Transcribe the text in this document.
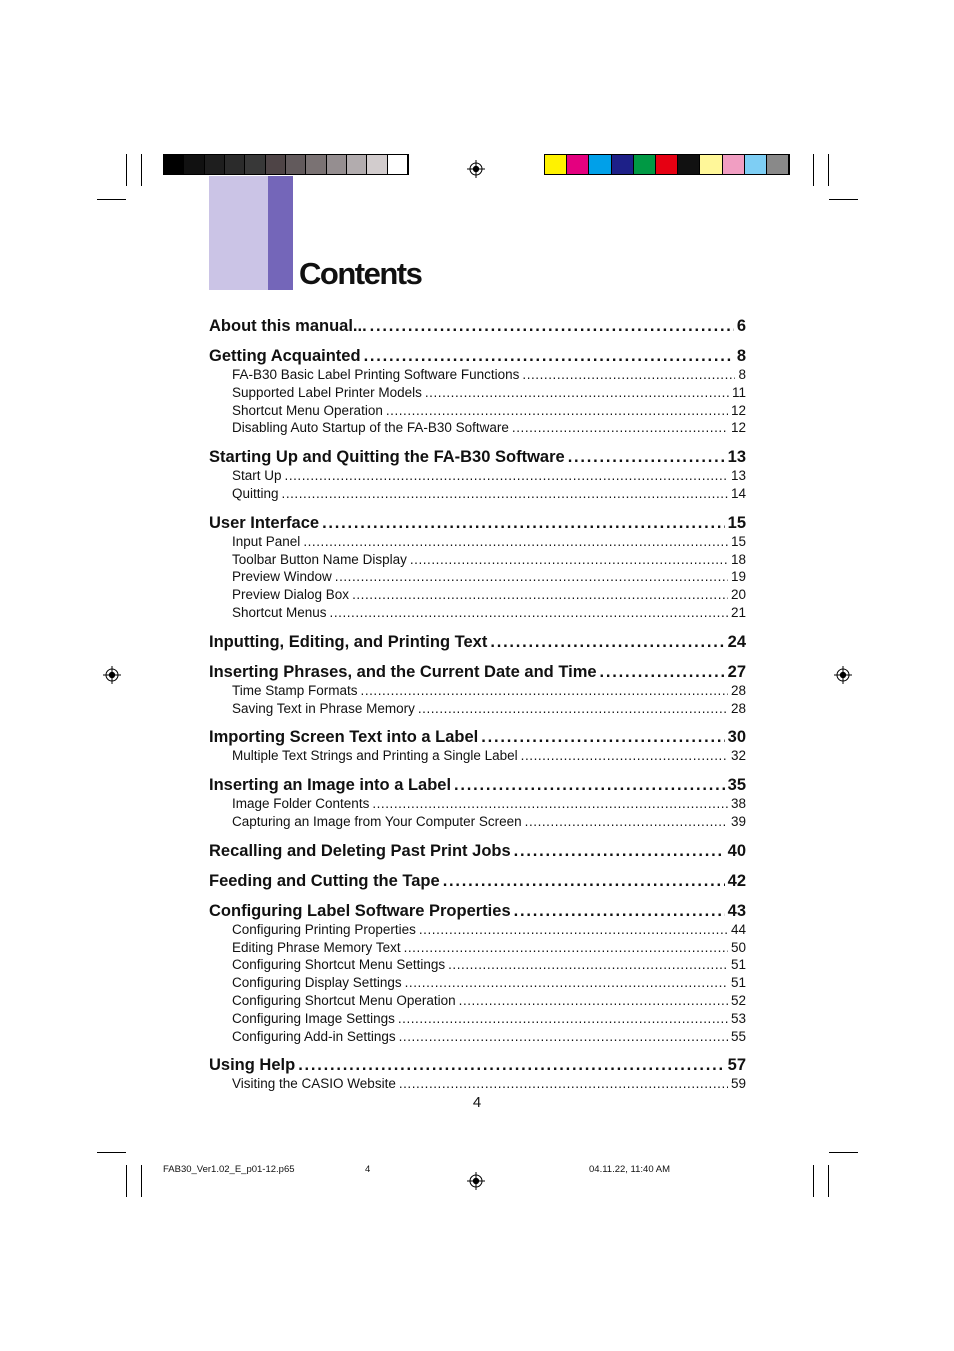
Contents
About this manual... . . .	6
Getting Acquainted . . .	8
FA-B30 Basic Label Printing Software Functions . . .	8
Supported Label Printer Models . . .	11
Shortcut Menu Operation . . .	12
Disabling Auto Startup of the FA-B30 Software . . .	12
Starting Up and Quitting the FA-B30 Software . . .	13
Start Up . . .	13
Quitting . . .	14
User Interface . . .	15
Input Panel . . .	15
Toolbar Button Name Display . . .	18
Preview Window . . .	19
Preview Dialog Box . . .	20
Shortcut Menus . . .	21
Inputting, Editing, and Printing Text . . .	24
Inserting Phrases, and the Current Date and Time . . .	27
Time Stamp Formats . . .	28
Saving Text in Phrase Memory . . .	28
Importing Screen Text into a Label . . .	30
Multiple Text Strings and Printing a Single Label . . .	32
Inserting an Image into a Label . . .	35
Image Folder Contents . . .	38
Capturing an Image from Your Computer Screen . . .	39
Recalling and Deleting Past Print Jobs . . .	40
Feeding and Cutting the Tape . . .	42
Configuring Label Software Properties . . .	43
Configuring Printing Properties . . .	44
Editing Phrase Memory Text . . .	50
Configuring Shortcut Menu Settings . . .	51
Configuring Display Settings . . .	51
Configuring Shortcut Menu Operation . . .	52
Configuring Image Settings . . .	53
Configuring Add-in Settings . . .	55
Using Help . . .	57
Visiting the CASIO Website . . .	59
4
FAB30_Ver1.02_E_p01-12.p65	4	04.11.22, 11:40 AM
